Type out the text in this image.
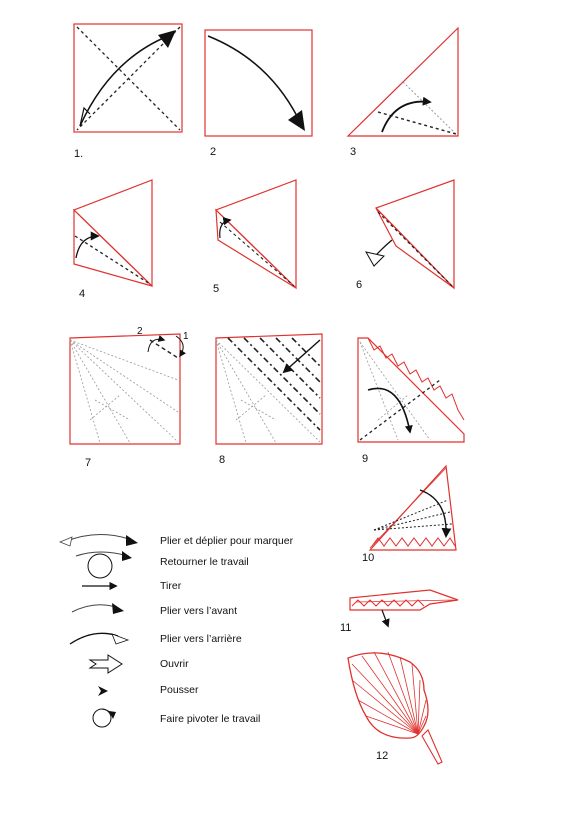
2	1
1.	2	3
4	5	6
7	8	9
10
11
12
Plier et déplier pour marquer
Retourner le travail
Tirer
Plier vers l’avant
Plier vers l’arrière
Ouvrir
Pousser
Faire pivoter le travail
